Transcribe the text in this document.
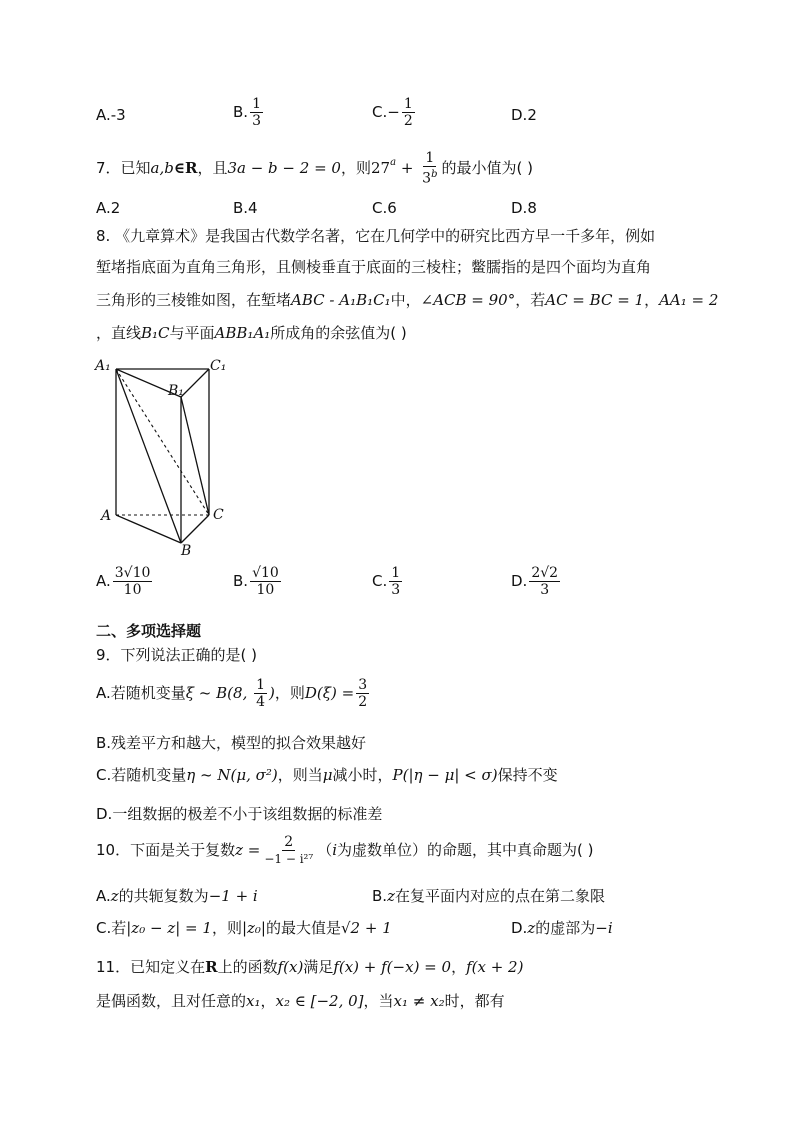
A.-3	B. $\frac{1}{3}$	$C.- \frac{1}{2}$	D.2
7．已知a,b∈R，且3a − b − 2 = 0，则$27^a + \frac{1}{3^b}$ 的最小值为( )
A.2	B.4	C.6	D.8
8. 《九章算术》是我国古代数学名著，它在几何学中的研究比西方早一千多年，例如
堑堵指底面为直角三角形，且侧棱垂直于底面的三棱柱；鳖臑指的是四个面均为直角
三角形的三棱锥如图，在堑堵ABC - A₁B₁C₁中，∠ACB = 90°，若AC = BC = 1，AA₁ = 2
，直线B₁C与平面ABB₁A₁所成角的余弦值为( )
A₁	C₁
B₁
A	C
B
A. $\frac{3√10}{10}$	B. $\frac{√10}{10}$	C. $\frac{1}{3}$	D. $\frac{2√2}{3}$
二、多项选择题
9．下列说法正确的是( )
A.若随机变量ξ ~ B(8, $\frac{1}{4}$ )，则$D(\xi) = \frac{3}{2}$
B.残差平方和越大，模型的拟合效果越好
C.若随机变量η ~ N(μ, σ²)，则当μ减小时，P(|η − μ| < σ)保持不变
D.一组数据的极差不小于该组数据的标准差
10．下面是关于复数$z = \frac{2}{\text{−1 − i²⁷}} (i$为虚数单位）的命题，其中真命题为( )
A.z的共轭复数为−1 + i	B.z在复平面内对应的点在第二象限
C.若|z₀ − z| = 1，则|z₀|的最大值是√2 + 1	D.z的虚部为−i
11．已知定义在R上的函数f(x)满足f(x) + f(−x) = 0，f(x + 2)
是偶函数，且对任意的x₁，x₂ ∈ [−2, 0]，当x₁ ≠ x₂时，都有
